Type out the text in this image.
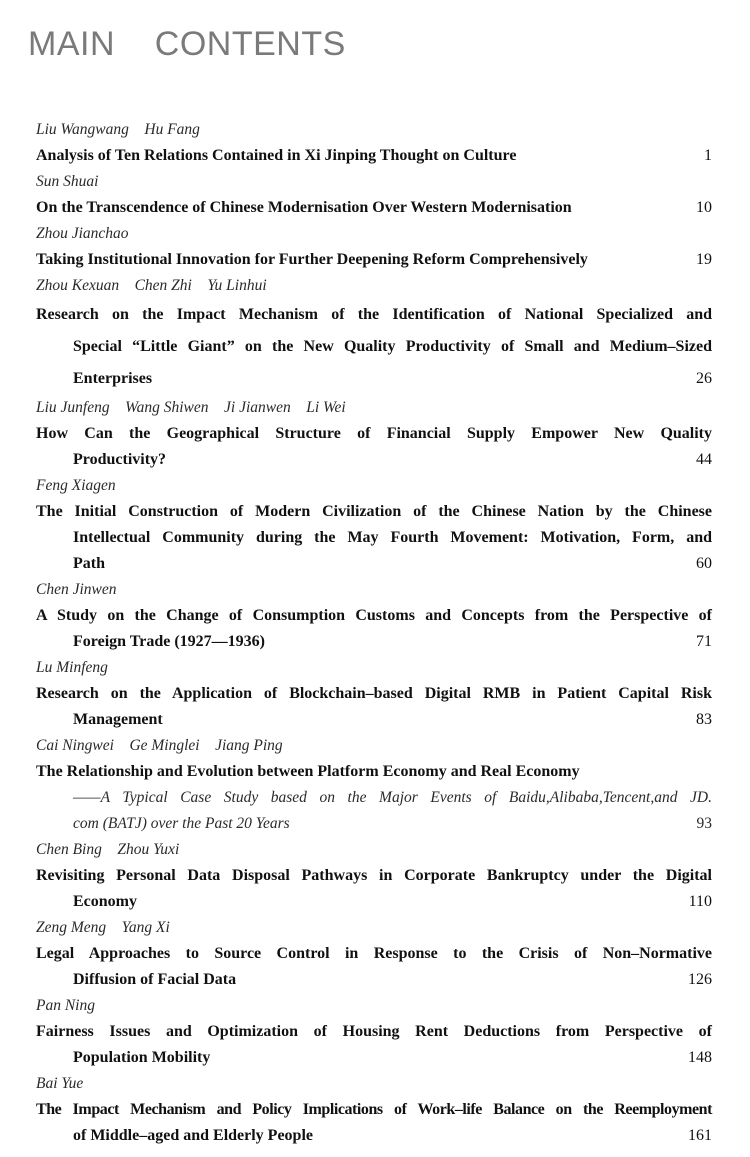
MAIN    CONTENTS
Liu Wangwang    Hu Fang
Analysis of Ten Relations Contained in Xi Jinping Thought on Culture	1
Sun Shuai
On the Transcendence of Chinese Modernisation Over Western Modernisation	10
Zhou Jianchao
Taking Institutional Innovation for Further Deepening Reform Comprehensively	19
Zhou Kexuan    Chen Zhi    Yu Linhui
Research on the Impact Mechanism of the Identification of National Specialized and
Special “Little Giant” on the New Quality Productivity of Small and Medium–Sized
Enterprises	26
Liu Junfeng    Wang Shiwen    Ji Jianwen    Li Wei
How Can the Geographical Structure of Financial Supply Empower New Quality
Productivity?	44
Feng Xiagen
The Initial Construction of Modern Civilization of the Chinese Nation by the Chinese
Intellectual Community during the May Fourth Movement: Motivation, Form, and
Path	60
Chen Jinwen
A Study on the Change of Consumption Customs and Concepts from the Perspective of
Foreign Trade (1927—1936)	71
Lu Minfeng
Research on the Application of Blockchain–based Digital RMB in Patient Capital Risk
Management	83
Cai Ningwei    Ge Minglei    Jiang Ping
The Relationship and Evolution between Platform Economy and Real Economy
——A Typical Case Study based on the Major Events of Baidu,Alibaba,Tencent,and JD.
com (BATJ) over the Past 20 Years	93
Chen Bing    Zhou Yuxi
Revisiting Personal Data Disposal Pathways in Corporate Bankruptcy under the Digital
Economy	110
Zeng Meng    Yang Xi
Legal Approaches to Source Control in Response to the Crisis of Non–Normative
Diffusion of Facial Data	126
Pan Ning
Fairness Issues and Optimization of Housing Rent Deductions from Perspective of
Population Mobility	148
Bai Yue
The Impact Mechanism and Policy Implications of Work–life Balance on the Reemployment
of Middle–aged and Elderly People	161
